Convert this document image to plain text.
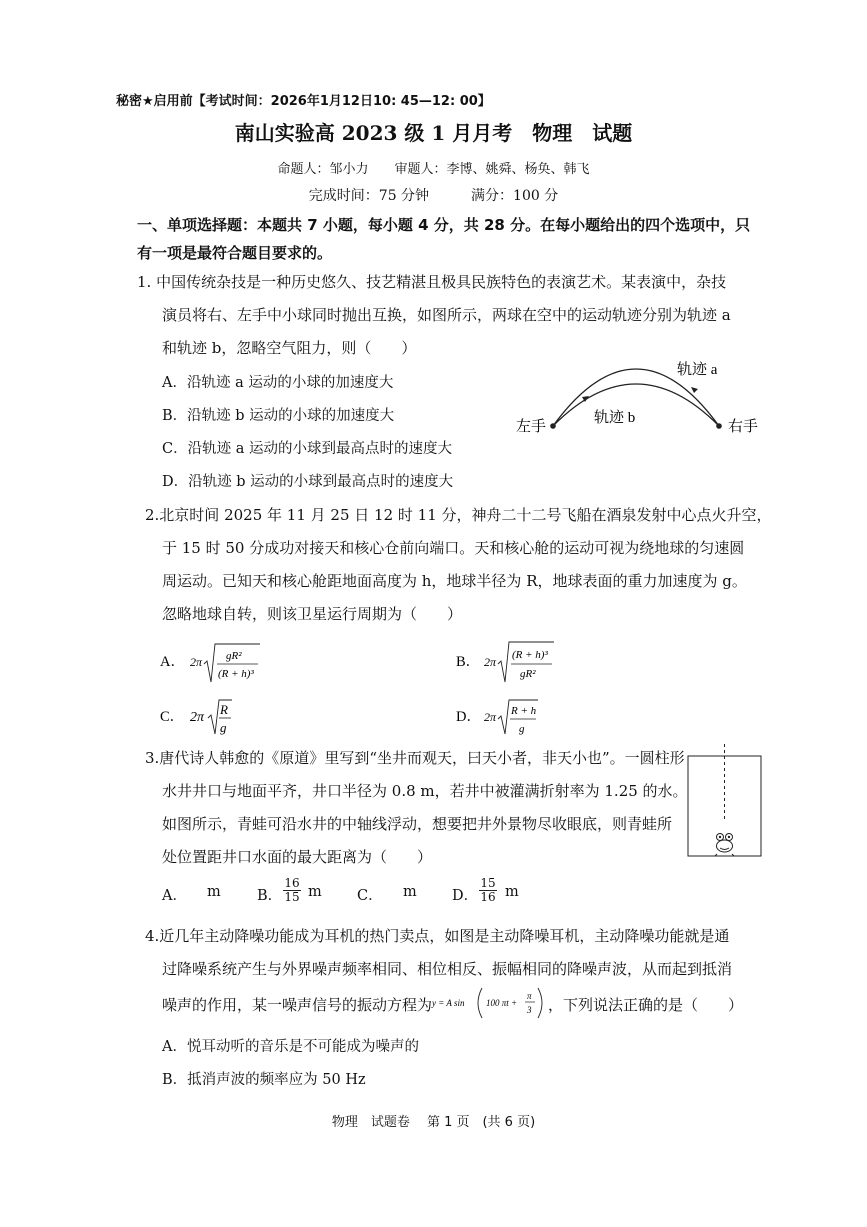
秘密★启用前【考试时间：2026年1月12日10: 45—12: 00】
南山实验高 2023 级 1 月月考　物理　试题
命题人：邹小力　　审题人：李博、姚舜、杨奂、韩飞
完成时间：75 分钟　　　满分：100 分
一、单项选择题：本题共 7 小题，每小题 4 分，共 28 分。在每小题给出的四个选项中，只
有一项是最符合题目要求的。
1. 中国传统杂技是一种历史悠久、技艺精湛且极具民族特色的表演艺术。某表演中，杂技
演员将右、左手中小球同时抛出互换，如图所示，两球在空中的运动轨迹分别为轨迹 a
和轨迹 b，忽略空气阻力，则（　　）
A．沿轨迹 a 运动的小球的加速度大
B．沿轨迹 b 运动的小球的加速度大
C．沿轨迹 a 运动的小球到最高点时的速度大
D．沿轨迹 b 运动的小球到最高点时的速度大
轨迹 a
轨迹 b
左手	右手
2.北京时间 2025 年 11 月 25 日 12 时 11 分，神舟二十二号飞船在酒泉发射中心点火升空，
于 15 时 50 分成功对接天和核心仓前向端口。天和核心舱的运动可视为绕地球的匀速圆
周运动。已知天和核心舱距地面高度为 h，地球半径为 R，地球表面的重力加速度为 g。
忽略地球自转，则该卫星运行周期为（　　）
A． 2π gR²
(R + h)³
B． 2π (R + h)³
gR²
C． 2π
R
g
D． 2π R + h
g
3.唐代诗人韩愈的《原道》里写到“坐井而观天，曰天小者，非天小也”。一圆柱形
水井井口与地面平齐，井口半径为 0.8 m，若井中被灌满折射率为 1.25 的水。
如图所示，青蛙可沿水井的中轴线浮动，想要把井外景物尽收眼底，则青蛙所
处位置距井口水面的最大距离为（　　）
A． m	B． $\frac{16}{15}$ m C． m D． $\frac{15}{16}$ m
4.近几年主动降噪功能成为耳机的热门卖点，如图是主动降噪耳机，主动降噪功能就是通
过降噪系统产生与外界噪声频率相同、相位相反、振幅相同的降噪声波，从而起到抵消
噪声的作用，某一噪声信号的振动方程为 y = A sin 100 πt +
π
3 ，下列说法正确的是（　　）
A．悦耳动听的音乐是不可能成为噪声的
B．抵消声波的频率应为 50 Hz
物理　试题卷　 第 1 页　(共 6 页)
